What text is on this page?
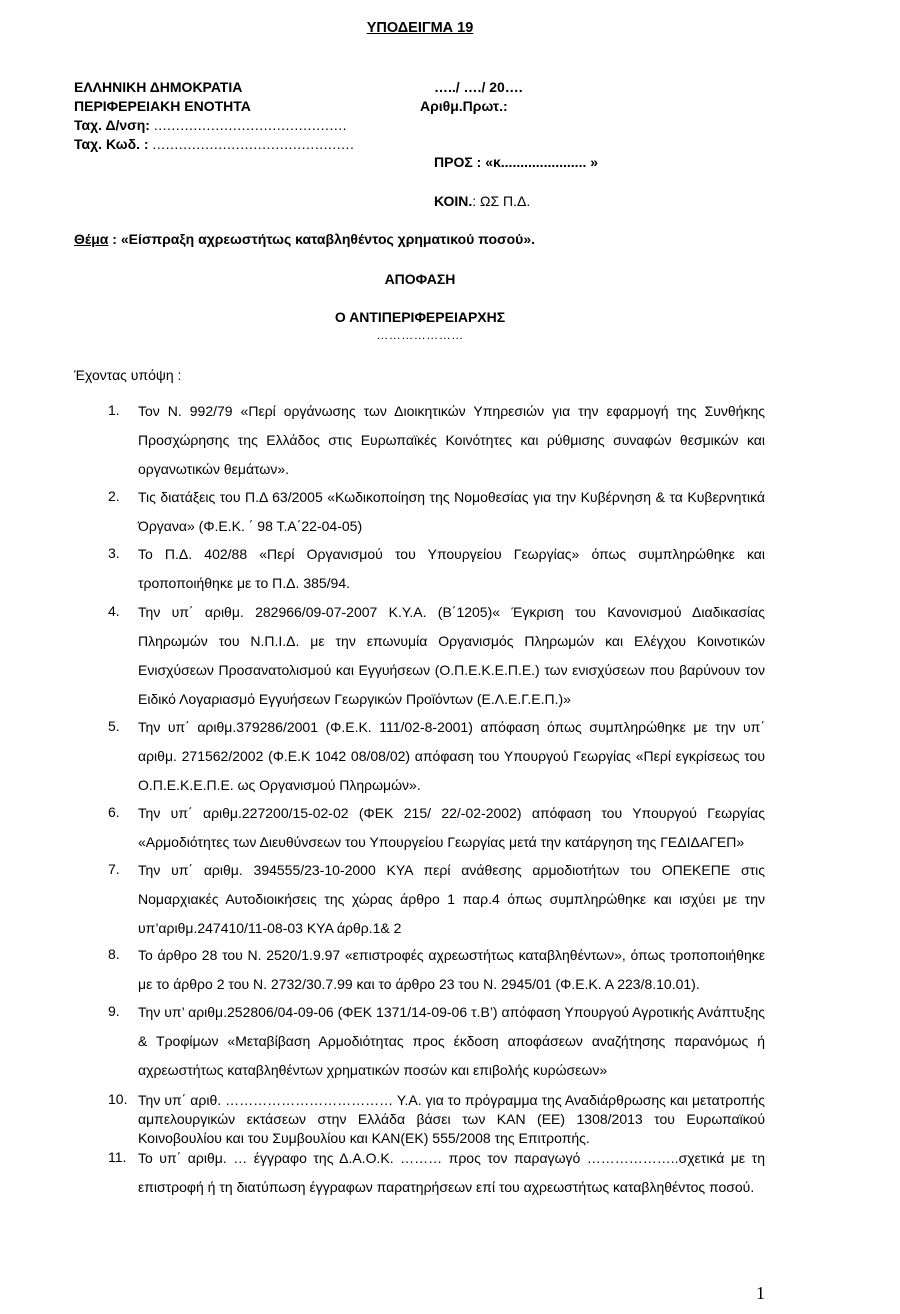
ΥΠΟΔΕΙΓΜΑ 19
ΕΛΛΗΝΙΚΗ ΔΗΜΟΚΡΑΤΙΑ
ΠΕΡΙΦΕΡΕΙΑΚΗ ΕΝΟΤΗΤΑ
Ταχ. Δ/νση: ............................................
Ταχ. Κωδ. : ..............................................
…../ …./ 20….
Αριθμ.Πρωτ.:
ΠΡΟΣ : «κ...................... »
ΚΟΙΝ.: ΩΣ Π.Δ.
Θέμα : «Είσπραξη αχρεωστήτως καταβληθέντος χρηματικού ποσού».
ΑΠΟΦΑΣΗ
Ο ΑΝΤΙΠΕΡΙΦΕΡΕΙΑΡΧΗΣ
…………………
Έχοντας υπόψη :
1.	Τον Ν. 992/79 «Περί οργάνωσης των Διοικητικών Υπηρεσιών για την εφαρμογή της Συνθήκης Προσχώρησης της Ελλάδος στις Ευρωπαϊκές Κοινότητες και ρύθμισης συναφών θεσμικών και οργανωτικών θεμάτων».
2.	Τις διατάξεις του Π.Δ 63/2005 «Κωδικοποίηση της Νομοθεσίας για την Κυβέρνηση & τα Κυβερνητικά Όργανα» (Φ.Ε.Κ. ΄ 98 Τ.Α΄22-04-05)
3.	Το Π.Δ. 402/88 «Περί Οργανισμού του Υπουργείου Γεωργίας» όπως συμπληρώθηκε και τροποποιήθηκε με το Π.Δ. 385/94.
4.	Την υπ΄ αριθμ. 282966/09-07-2007 Κ.Υ.Α. (Β΄1205)« Έγκριση του Κανονισμού Διαδικασίας Πληρωμών του Ν.Π.Ι.Δ. με την επωνυμία Οργανισμός Πληρωμών και Ελέγχου Κοινοτικών Ενισχύσεων Προσανατολισμού και Εγγυήσεων (Ο.Π.Ε.Κ.Ε.Π.Ε.) των ενισχύσεων που βαρύνουν τον Ειδικό Λογαριασμό Εγγυήσεων Γεωργικών Προϊόντων (Ε.Λ.Ε.Γ.Ε.Π.)»
5.	Την υπ΄ αριθμ.379286/2001 (Φ.Ε.Κ. 111/02-8-2001) απόφαση όπως συμπληρώθηκε με την υπ΄ αριθμ. 271562/2002 (Φ.Ε.Κ 1042 08/08/02) απόφαση του Υπουργού Γεωργίας «Περί εγκρίσεως του Ο.Π.Ε.Κ.Ε.Π.Ε. ως Οργανισμού Πληρωμών».
6.	Την υπ΄ αριθμ.227200/15-02-02 (ΦΕΚ 215/ 22/-02-2002) απόφαση του Υπουργού Γεωργίας «Αρμοδιότητες των Διευθύνσεων του Υπουργείου Γεωργίας μετά την κατάργηση της ΓΕΔΙΔΑΓΕΠ»
7.	Την υπ΄ αριθμ. 394555/23-10-2000 ΚΥΑ περί ανάθεσης αρμοδιοτήτων του ΟΠΕΚΕΠΕ στις Νομαρχιακές Αυτοδιοικήσεις της χώρας άρθρο 1 παρ.4 όπως συμπληρώθηκε και ισχύει με την υπ’αριθμ.247410/11-08-03 ΚΥΑ άρθρ.1& 2
8.	Το άρθρο 28 του Ν. 2520/1.9.97 «επιστροφές αχρεωστήτως καταβληθέντων», όπως τροποποιήθηκε με το άρθρο 2 του Ν. 2732/30.7.99 και το άρθρο 23 του Ν. 2945/01 (Φ.Ε.Κ. Α 223/8.10.01).
9.	Την υπ’ αριθμ.252806/04-09-06 (ΦΕΚ 1371/14-09-06 τ.Β’) απόφαση Υπουργού Αγροτικής Ανάπτυξης & Τροφίμων «Μεταβίβαση Αρμοδιότητας προς έκδοση αποφάσεων αναζήτησης παρανόμως ή αχρεωστήτως καταβληθέντων χρηματικών ποσών και επιβολής κυρώσεων»
10. Την υπ΄ αριθ. ……………………………… Υ.Α. για το πρόγραμμα της Αναδιάρθρωσης και μετατροπής αμπελουργικών εκτάσεων στην Ελλάδα βάσει των ΚΑΝ (ΕΕ) 1308/2013 του Ευρωπαϊκού Κοινοβουλίου και του Συμβουλίου και ΚΑΝ(ΕΚ) 555/2008 της Επιτροπής.
11. Το υπ΄ αριθμ. … έγγραφο της Δ.Α.Ο.Κ. ……… προς τον παραγωγό ………………..σχετικά με τη επιστροφή ή τη διατύπωση έγγραφων παρατηρήσεων επί του αχρεωστήτως καταβληθέντος ποσού.
1
